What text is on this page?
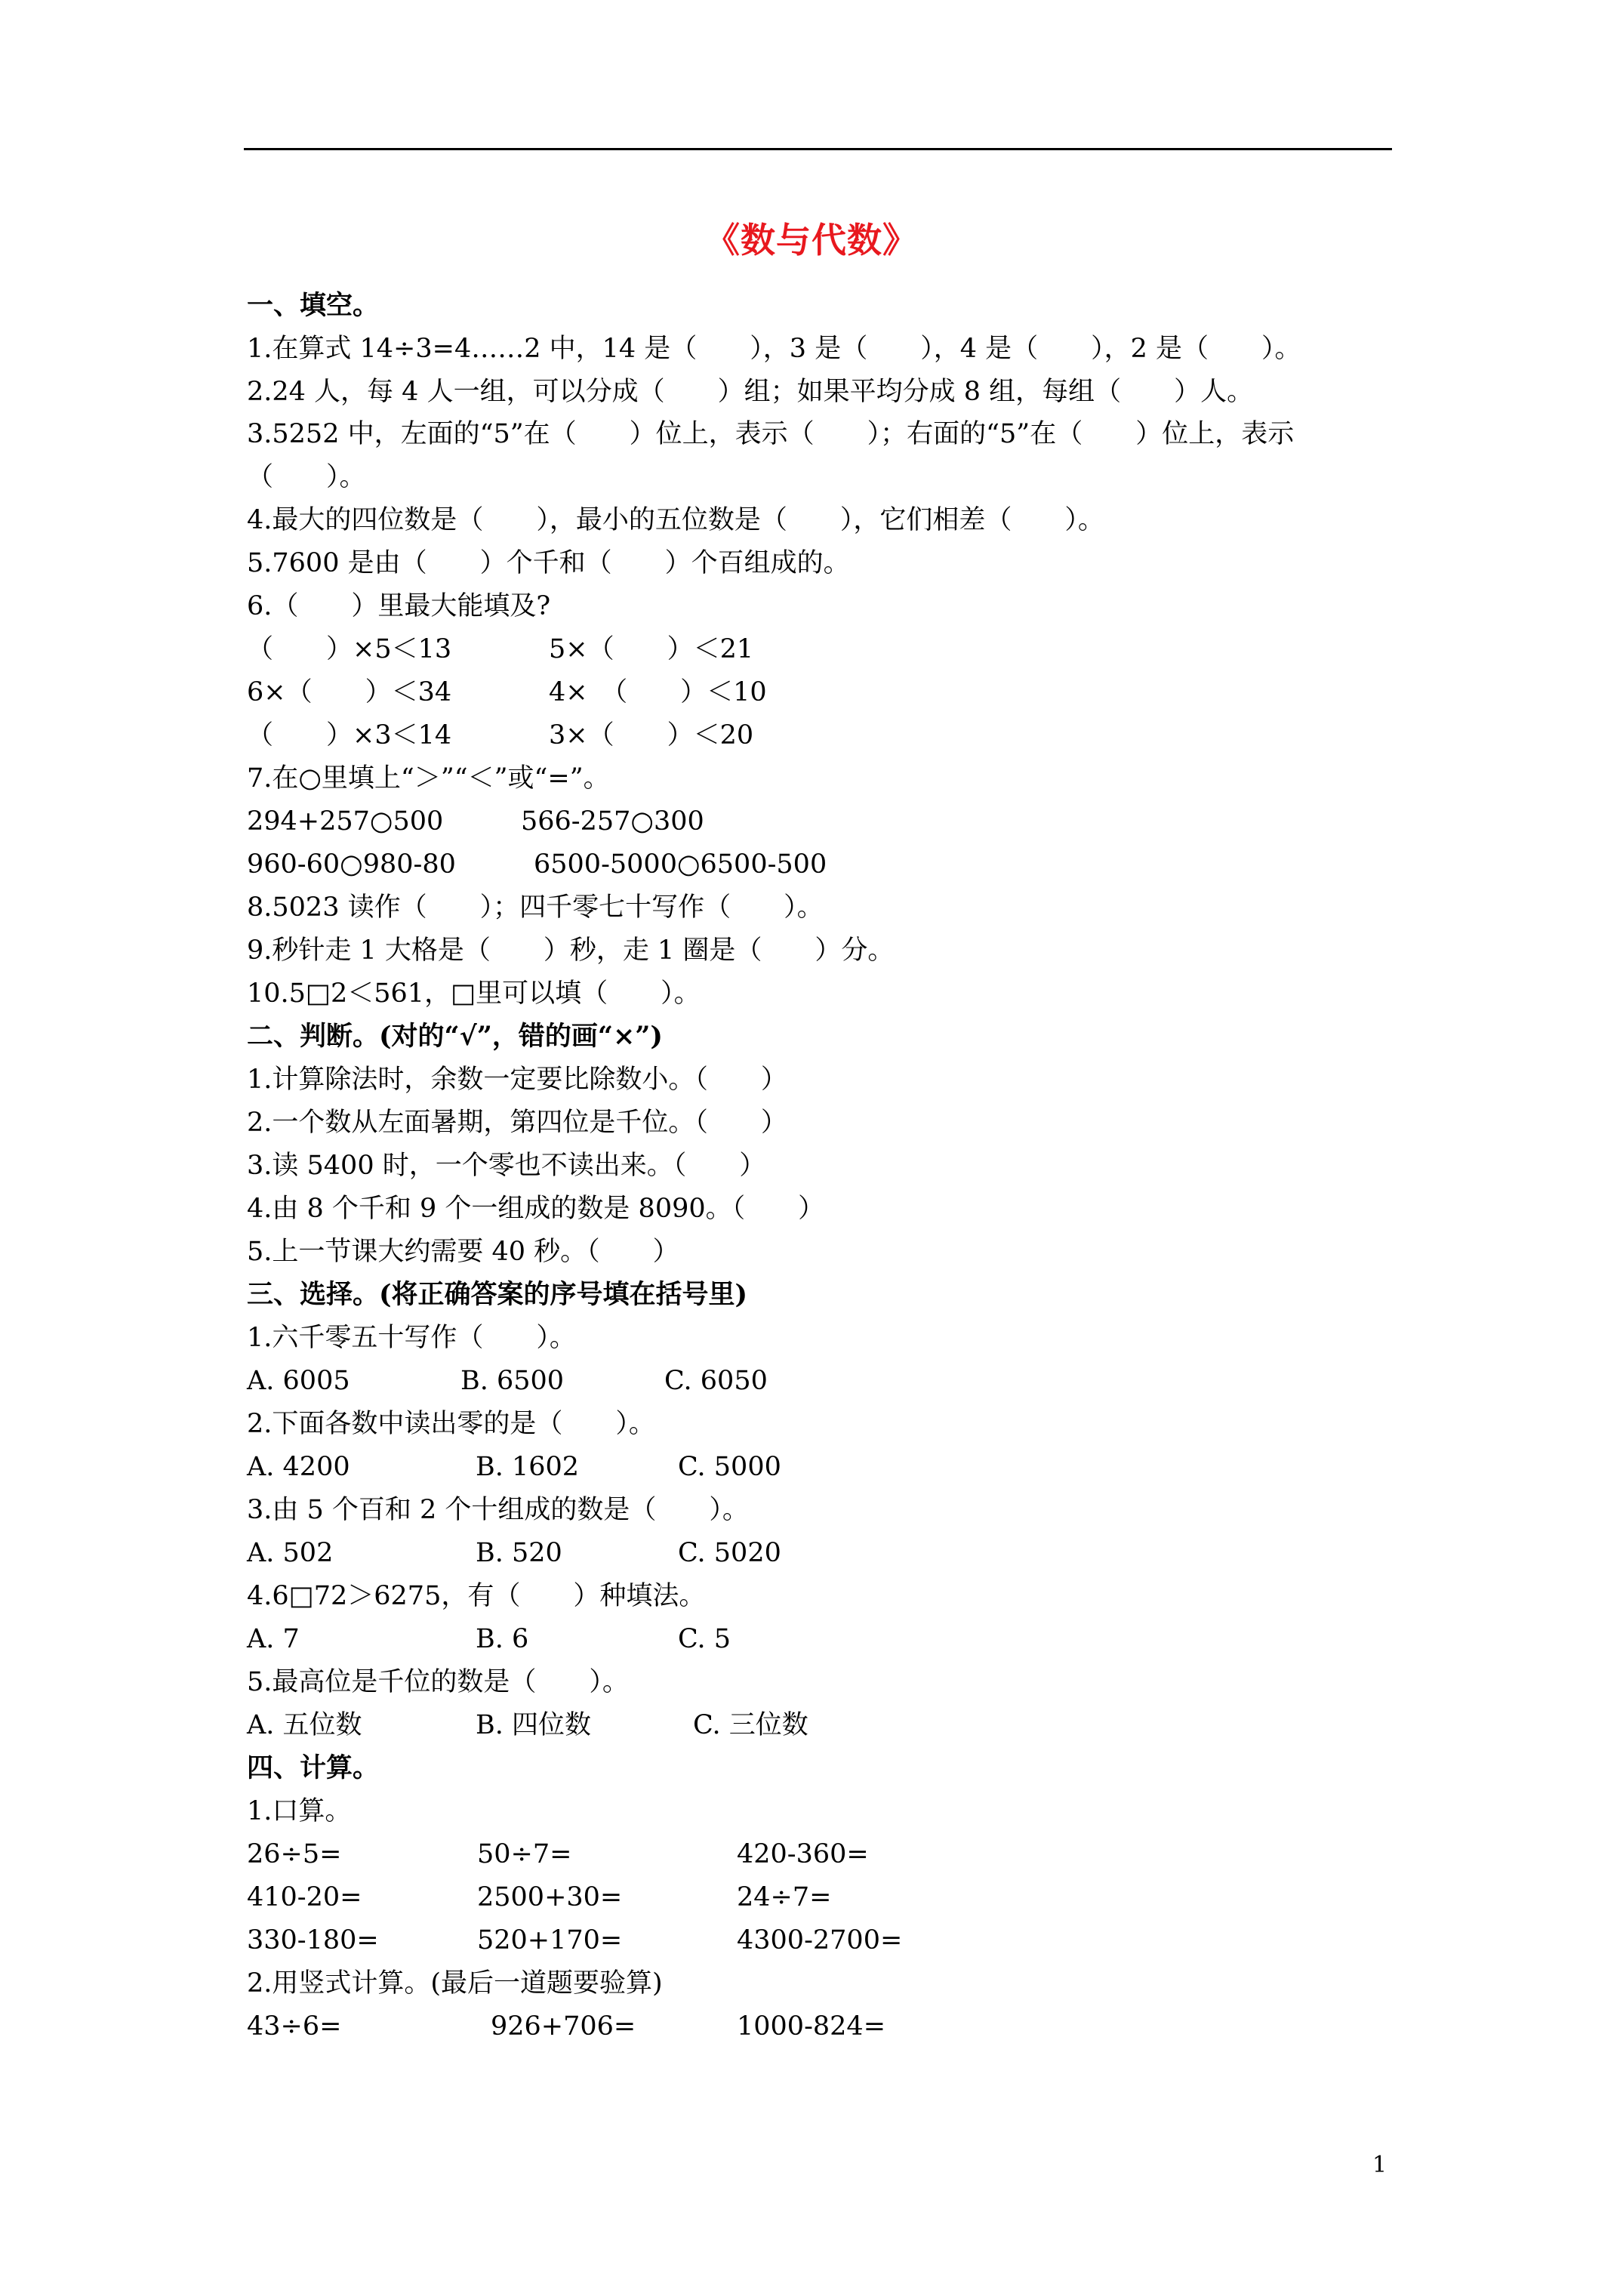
《数与代数》
一、填空。
1.在算式 14÷3=4……2 中，14 是（　　），3 是（　　），4 是（　　），2 是（　　）。
2.24 人，每 4 人一组，可以分成（　　）组；如果平均分成 8 组，每组（　　）人。
3.5252 中，左面的“5”在（　　）位上，表示（　　）；右面的“5”在（　　）位上，表示
（　　）。
4.最大的四位数是（　　），最小的五位数是（　　），它们相差（　　）。
5.7600 是由（　　）个千和（　　）个百组成的。
6.（　　）里最大能填及?
（　　）×5＜13	5×（　　）＜21
6×（　　）＜34	4×　（　　）＜10
（　　）×3＜14	3×（　　）＜20
7.在○里填上“＞”“＜”或“=”。
294+257○500	566-257○300
960-60○980-80	6500-5000○6500-500
8.5023 读作（　　）；四千零七十写作（　　）。
9.秒针走 1 大格是（　　）秒，走 1 圈是（　　）分。
10.5□2＜561，□里可以填（　　）。
二、判断。(对的“√”，错的画“×”)
1.计算除法时，余数一定要比除数小。（　　）
2.一个数从左面暑期，第四位是千位。（　　）
3.读 5400 时，一个零也不读出来。（　　）
4.由 8 个千和 9 个一组成的数是 8090。（　　）
5.上一节课大约需要 40 秒。（　　）
三、选择。(将正确答案的序号填在括号里)
1.六千零五十写作（　　）。
A. 6005	B. 6500	C. 6050
2.下面各数中读出零的是（　　）。
A. 4200	B. 1602	C. 5000
3.由 5 个百和 2 个十组成的数是（　　）。
A. 502	B. 520	C. 5020
4.6□72＞6275，有（　　）种填法。
A. 7	B. 6	C. 5
5.最高位是千位的数是（　　）。
A. 五位数	B. 四位数	C. 三位数
四、计算。
1.口算。
26÷5=	50÷7=	420-360=
410-20=	2500+30=	24÷7=
330-180=	520+170=	4300-2700=
2.用竖式计算。(最后一道题要验算)
43÷6=	926+706=	1000-824=
1
